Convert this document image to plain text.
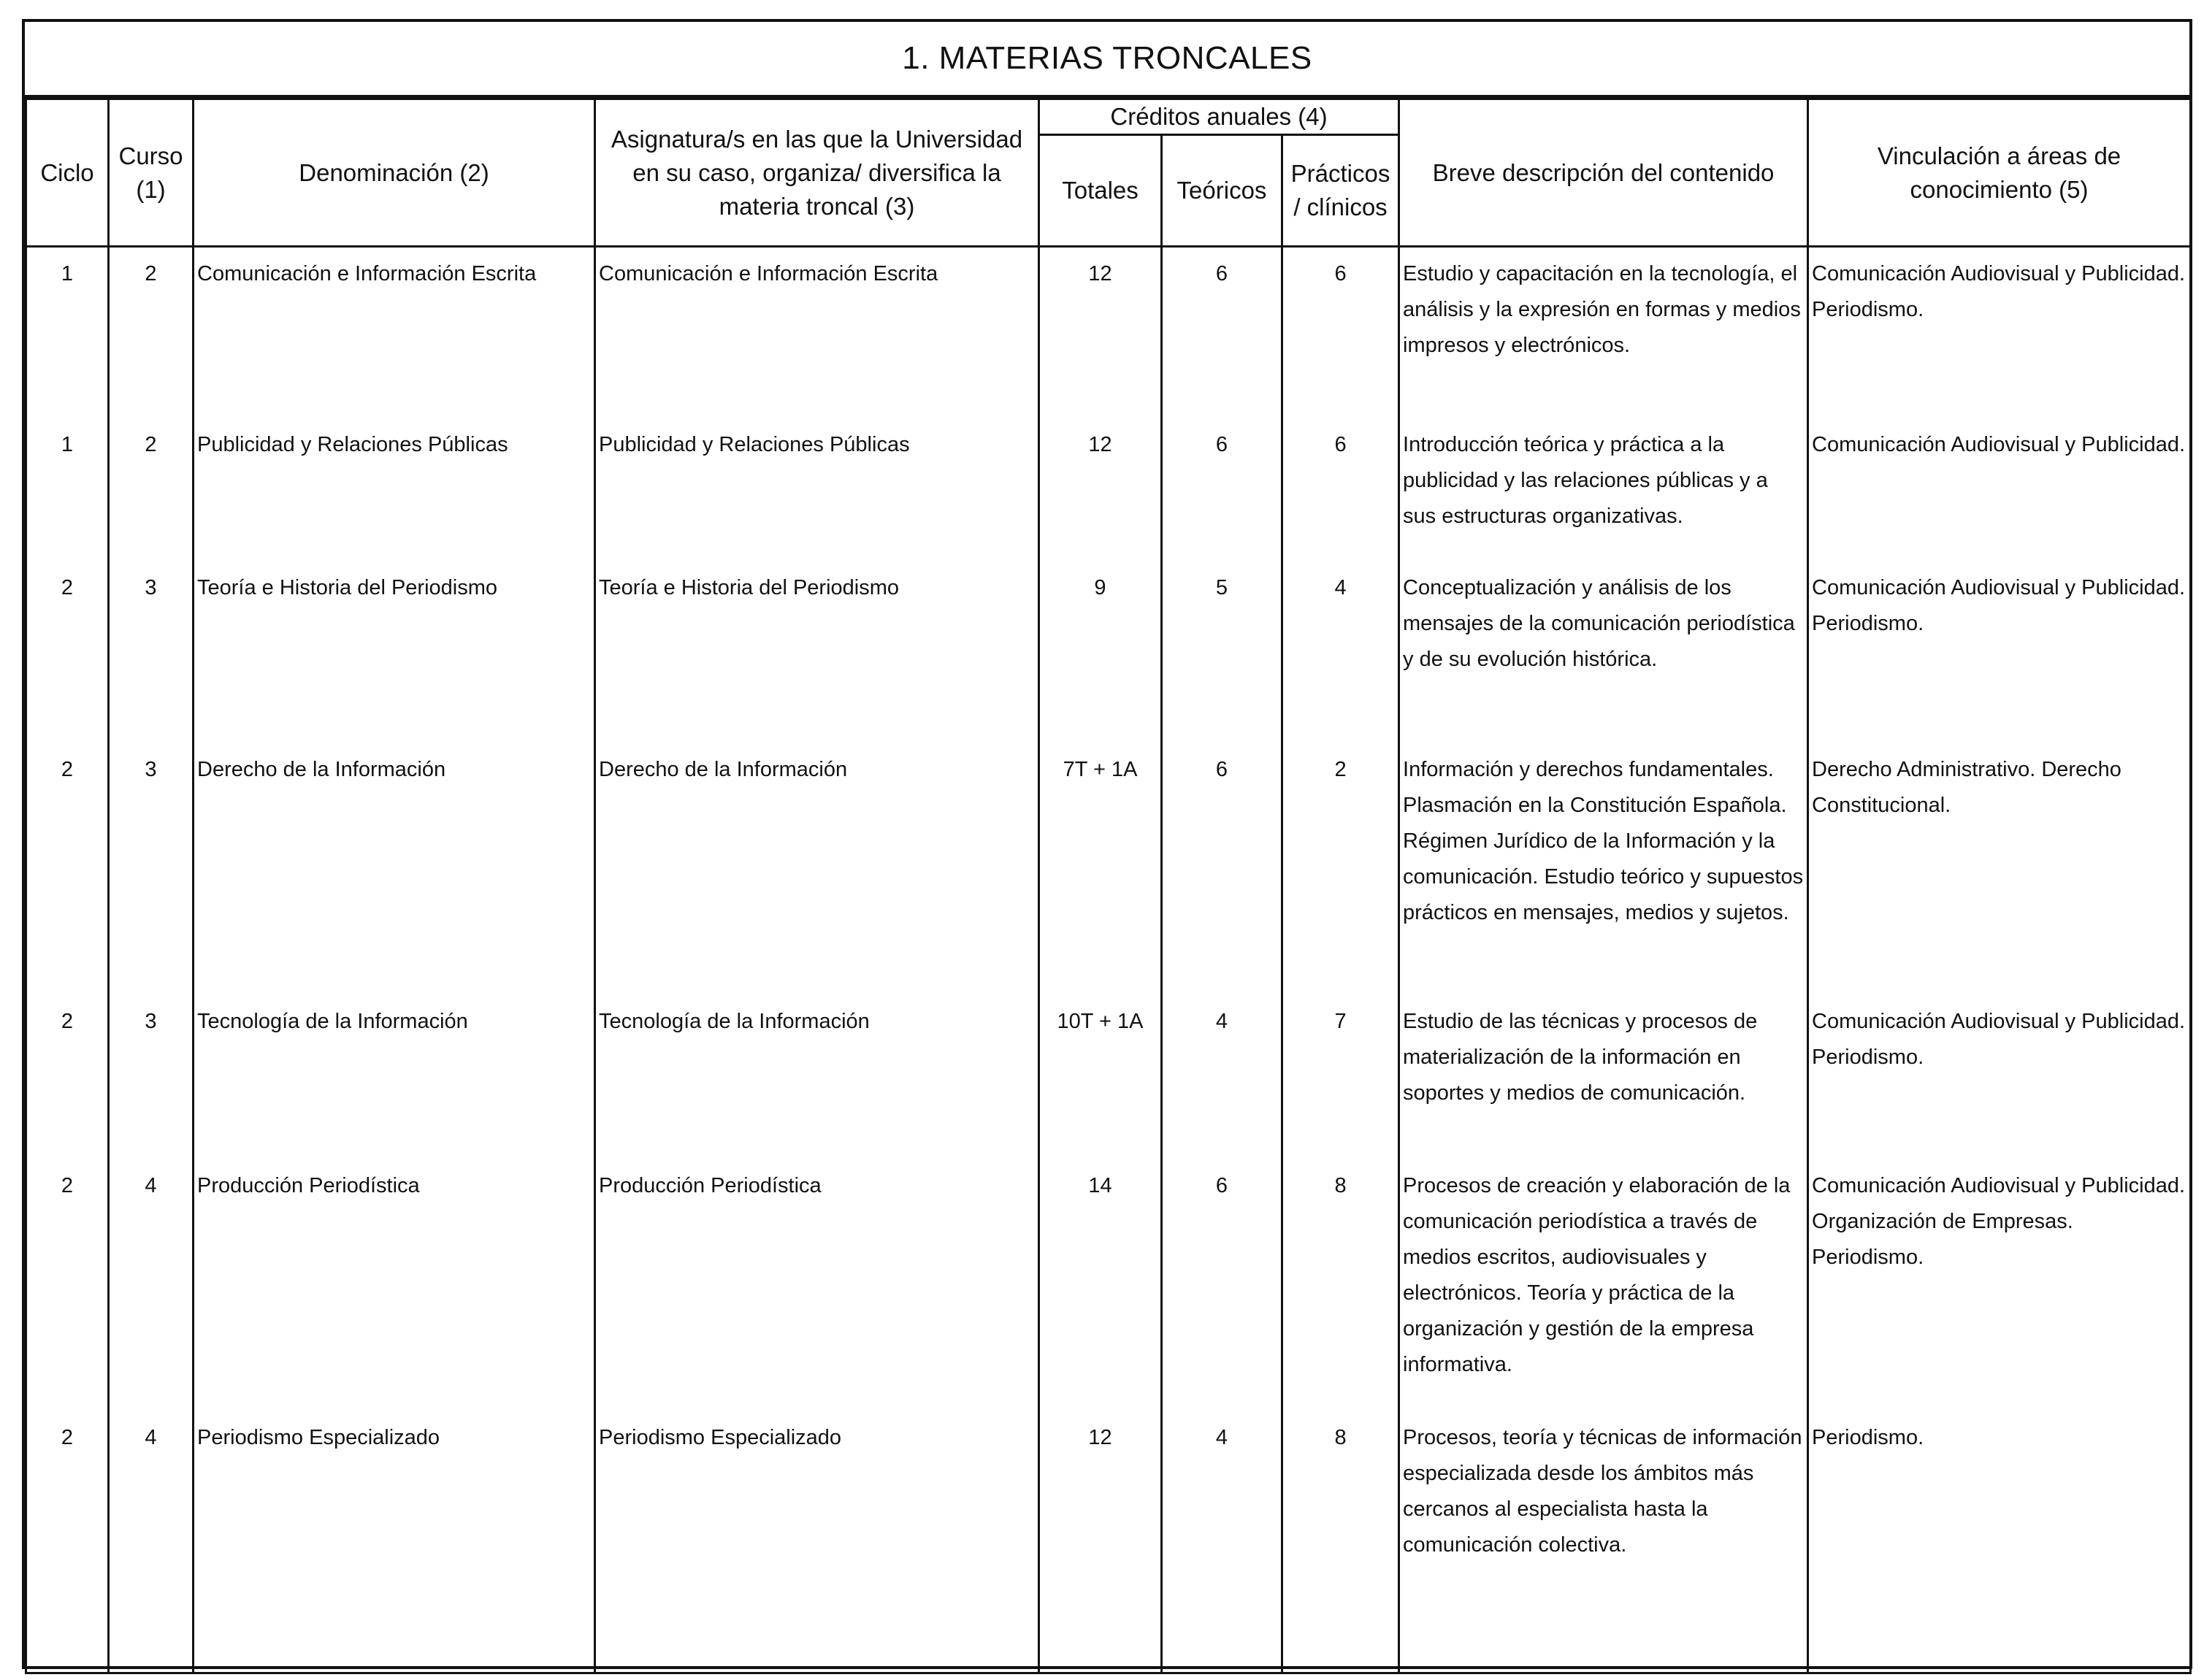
1. MATERIAS TRONCALES
Ciclo	Curso (1)	Denominación (2)	Asignatura/s en las que la Universidad en su caso, organiza/ diversifica la materia troncal (3)	Créditos anuales (4)			Breve descripción del contenido	Vinculación a áreas de conocimiento (5)
				Totales	Teóricos	Prácticos / clínicos		
1	2	Comunicación e Información Escrita	Comunicación e Información Escrita	12	6	6	Estudio y capacitación en la tecnología, el análisis y la expresión en formas y medios impresos y electrónicos.	Comunicación Audiovisual y Publicidad. Periodismo.
1	2	Publicidad y Relaciones Públicas	Publicidad y Relaciones Públicas	12	6	6	Introducción teórica y práctica a la publicidad y las relaciones públicas y a sus estructuras organizativas.	Comunicación Audiovisual y Publicidad.
2	3	Teoría e Historia del Periodismo	Teoría e Historia del Periodismo	9	5	4	Conceptualización y análisis de los mensajes de la comunicación periodística y de su evolución histórica.	Comunicación Audiovisual y Publicidad. Periodismo.
2	3	Derecho de la Información	Derecho de la Información	7T + 1A	6	2	Información y derechos fundamentales. Plasmación en la Constitución Española. Régimen Jurídico de la Información y la comunicación. Estudio teórico y supuestos prácticos en mensajes, medios y sujetos.	Derecho Administrativo. Derecho Constitucional.
2	3	Tecnología de la Información	Tecnología de la Información	10T + 1A	4	7	Estudio de las técnicas y procesos de materialización de la información en soportes y medios de comunicación.	Comunicación Audiovisual y Publicidad. Periodismo.
2	4	Producción Periodística	Producción Periodística	14	6	8	Procesos de creación y elaboración de la comunicación periodística a través de medios escritos, audiovisuales y electrónicos. Teoría y práctica de la organización y gestión de la empresa informativa.	Comunicación Audiovisual y Publicidad. Organización de Empresas. Periodismo.
2	4	Periodismo Especializado	Periodismo Especializado	12	4	8	Procesos, teoría y técnicas de información especializada desde los ámbitos más cercanos al especialista hasta la comunicación colectiva.	Periodismo.
